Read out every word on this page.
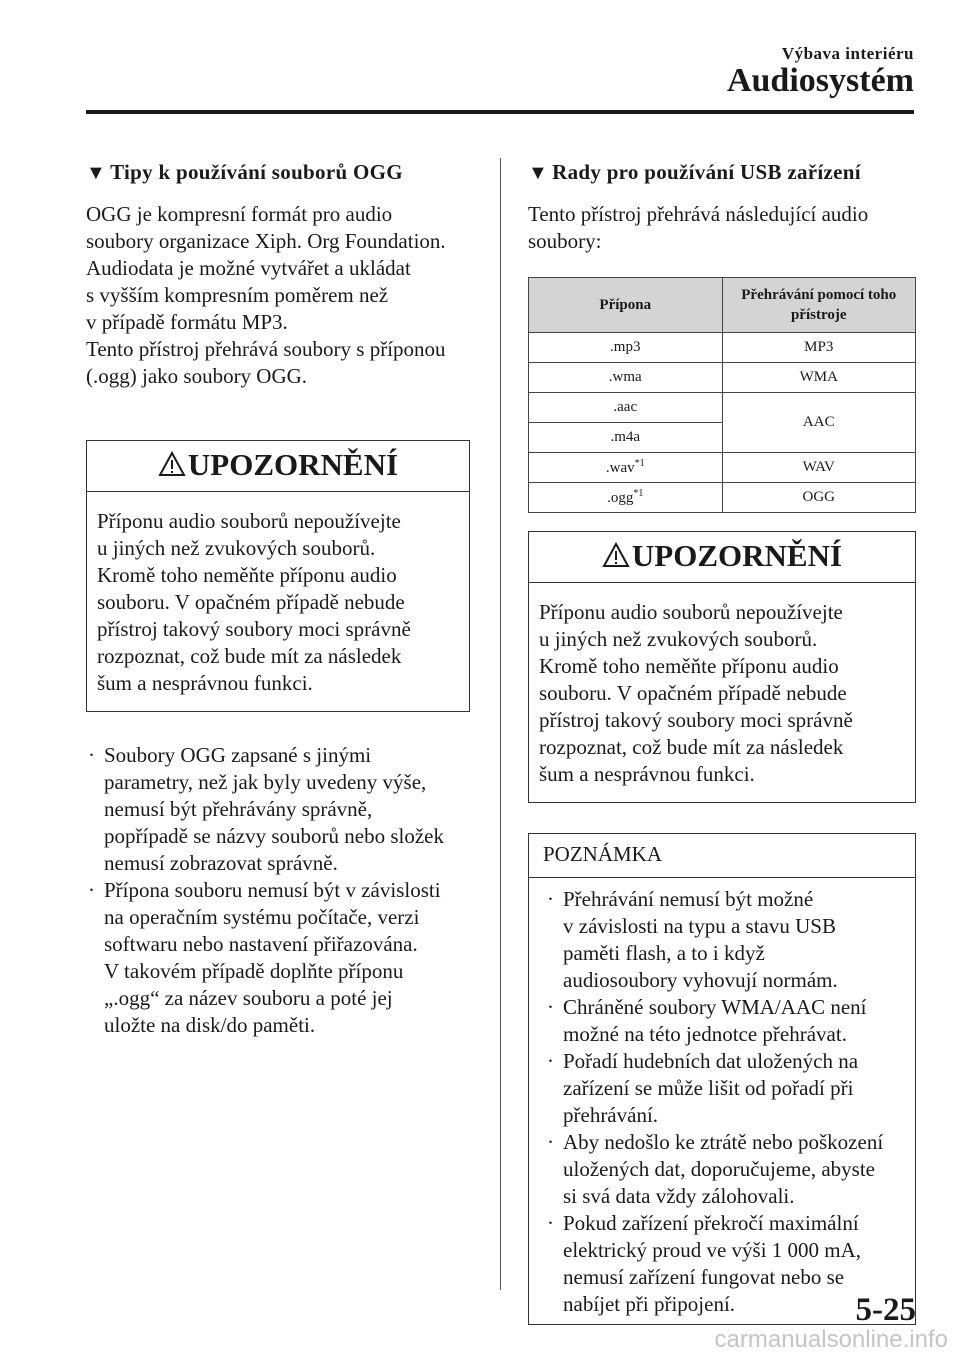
Výbava interiéru
Audiosystém
▼ Tipy k používání souborů OGG
OGG je kompresní formát pro audio
soubory organizace Xiph. Org Foundation.
Audiodata je možné vytvářet a ukládat
s vyšším kompresním poměrem než
v případě formátu MP3.
Tento přístroj přehrává soubory s příponou
(.ogg) jako soubory OGG.
UPOZORNĚNÍ
Příponu audio souborů nepoužívejte
u jiných než zvukových souborů.
Kromě toho neměňte příponu audio
souboru. V opačném případě nebude
přístroj takový soubory moci správně
rozpoznat, což bude mít za následek
šum a nesprávnou funkci.
· Soubory OGG zapsané s jinými
parametry, než jak byly uvedeny výše,
nemusí být přehrávány správně,
popřípadě se názvy souborů nebo složek
nemusí zobrazovat správně.
· Přípona souboru nemusí být v závislosti
na operačním systému počítače, verzi
softwaru nebo nastavení přiřazována.
V takovém případě doplňte příponu
„.ogg“ za název souboru a poté jej
uložte na disk/do paměti.
▼ Rady pro používání USB zařízení
Tento přístroj přehrává následující audio
soubory:
Přípona	Přehrávání pomocí toho
přístroje
.mp3	MP3
.wma	WMA
.aac	AAC
.m4a	
.wav$^{*1}$	WAV
.ogg$^{*1}$	OGG
UPOZORNĚNÍ
Příponu audio souborů nepoužívejte
u jiných než zvukových souborů.
Kromě toho neměňte příponu audio
souboru. V opačném případě nebude
přístroj takový soubory moci správně
rozpoznat, což bude mít za následek
šum a nesprávnou funkci.
POZNÁMKA
· Přehrávání nemusí být možné
v závislosti na typu a stavu USB
paměti flash, a to i když
audiosoubory vyhovují normám.
· Chráněné soubory WMA/AAC není
možné na této jednotce přehrávat.
· Pořadí hudebních dat uložených na
zařízení se může lišit od pořadí při
přehrávání.
· Aby nedošlo ke ztrátě nebo poškození
uložených dat, doporučujeme, abyste
si svá data vždy zálohovali.
· Pokud zařízení překročí maximální
elektrický proud ve výši 1 000 mA,
nemusí zařízení fungovat nebo se
nabíjet při připojení.	5-25
carmanualsonline.info
